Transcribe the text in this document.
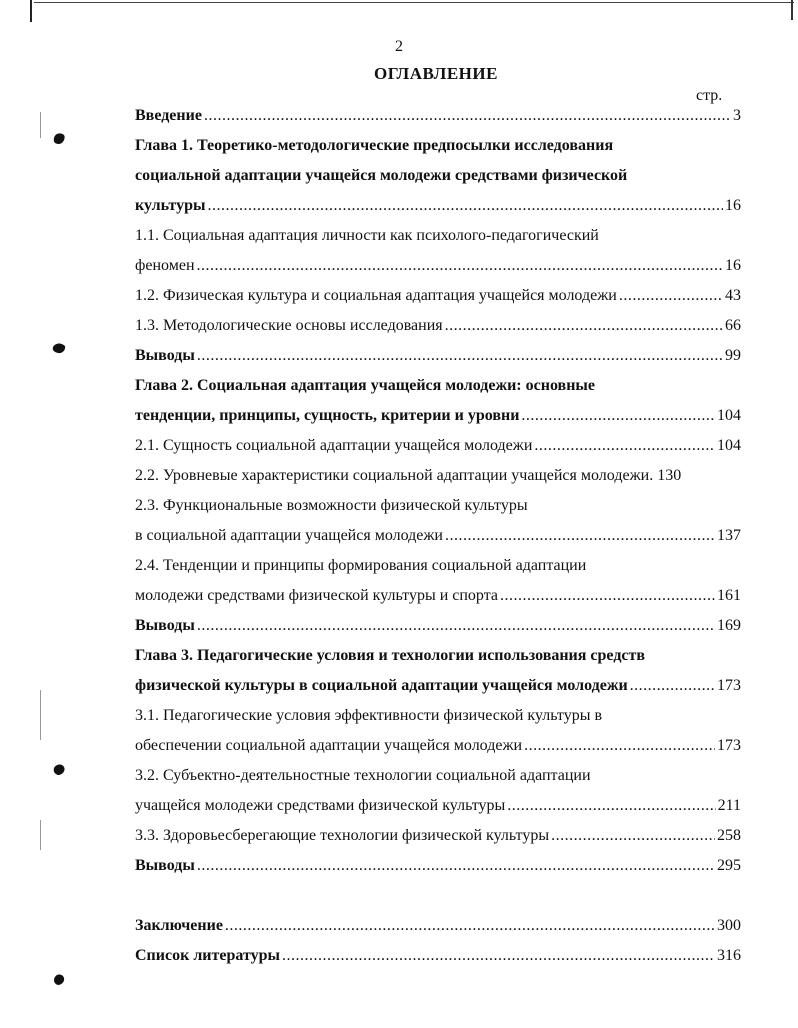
2
ОГЛАВЛЕНИЕ
стр.
Введение .....	3
Глава 1. Теоретико-методологические предпосылки исследования
социальной адаптации учащейся молодежи средствами физической
культуры .....	16
1.1. Социальная адаптация личности как психолого-педагогический
феномен .....	16
1.2. Физическая культура и социальная адаптация учащейся молодежи .....	43
1.3. Методологические основы исследования .....	66
Выводы .....	99
Глава 2. Социальная адаптация учащейся молодежи: основные
тенденции, принципы, сущность, критерии и уровни .....	104
2.1. Сущность социальной адаптации учащейся молодежи .....	104
2.2. Уровневые характеристики социальной адаптации учащейся молодежи. 130
2.3. Функциональные возможности физической культуры
в социальной адаптации учащейся молодежи .....	137
2.4. Тенденции и принципы формирования социальной адаптации
молодежи средствами физической культуры и спорта .....	161
Выводы .....	169
Глава 3. Педагогические условия и технологии использования средств
физической культуры в социальной адаптации учащейся молодежи .....	173
3.1. Педагогические условия эффективности физической культуры в
обеспечении социальной адаптации учащейся молодежи .....	173
3.2. Субъектно-деятельностные технологии социальной адаптации
учащейся молодежи средствами физической культуры .....	211
3.3. Здоровьесберегающие технологии физической культуры .....	258
Выводы .....	295
Заключение .....	300
Список литературы .....	316
